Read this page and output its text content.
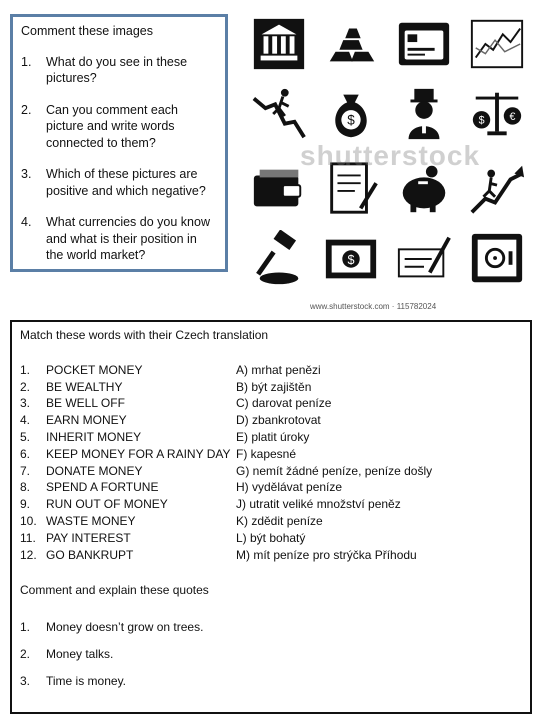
Comment these images
1.	What do you see in these pictures?
2.	Can you comment each picture and write words connected to them?
3.	Which of these pictures are positive and which negative?
4.	What currencies do you know and what is their position in the world market?
$	$ €
$
shutterstock
www.shutterstock.com · 115782024
Match these words with their Czech translation
1.	POCKET MONEY
2.	BE WEALTHY
3.	BE WELL OFF
4.	EARN MONEY
5.	INHERIT MONEY
6.	KEEP MONEY FOR A RAINY DAY
7.	DONATE MONEY
8.	SPEND A FORTUNE
9.	RUN OUT OF MONEY
10. WASTE MONEY
11. PAY INTEREST
12. GO BANKRUPT
A) mrhat penězi
B) být zajištěn
C) darovat peníze
D) zbankrotovat
E) platit úroky
F) kapesné
G) nemít žádné peníze, peníze došly
H) vydělávat peníze
J) utratit veliké množství peněz
K) zdědit peníze
L) být bohatý
M) mít peníze pro strýčka Příhodu
Comment and explain these quotes
1.	Money doesn’t grow on trees.
2.	Money talks.
3.	Time is money.
